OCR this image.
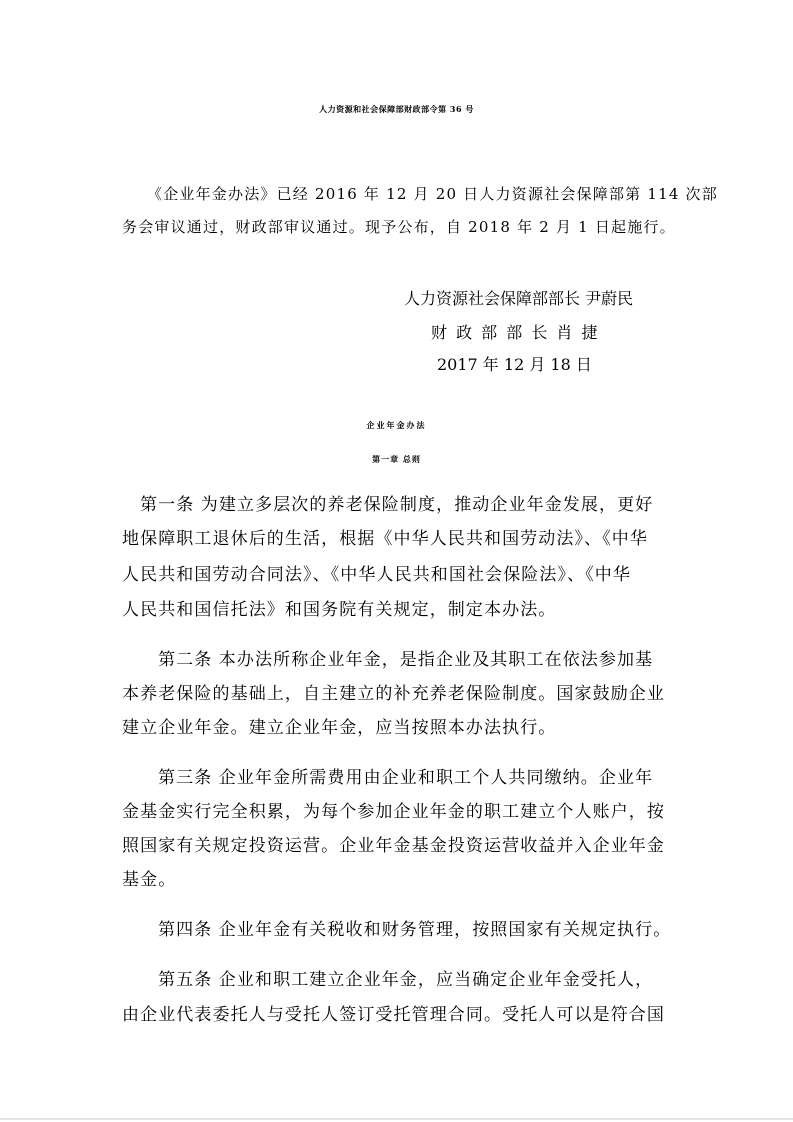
人力资源和社会保障部财政部令第 36 号
《企业年金办法》已经 2016 年 12 月 20 日人力资源社会保障部第 114 次部
务会审议通过，财政部审议通过。现予公布，自 2018 年 2 月 1 日起施行。
人力资源社会保障部部长 尹蔚民
财 政 部 部 长 肖 捷
2017 年 12 月 18 日
企业年金办法
第一章 总则
第一条 为建立多层次的养老保险制度，推动企业年金发展，更好
地保障职工退休后的生活，根据《中华人民共和国劳动法》、《中华
人民共和国劳动合同法》、《中华人民共和国社会保险法》、《中华
人民共和国信托法》和国务院有关规定，制定本办法。
第二条 本办法所称企业年金，是指企业及其职工在依法参加基
本养老保险的基础上，自主建立的补充养老保险制度。国家鼓励企业
建立企业年金。建立企业年金，应当按照本办法执行。
第三条 企业年金所需费用由企业和职工个人共同缴纳。企业年
金基金实行完全积累，为每个参加企业年金的职工建立个人账户，按
照国家有关规定投资运营。企业年金基金投资运营收益并入企业年金
基金。
第四条 企业年金有关税收和财务管理，按照国家有关规定执行。
第五条 企业和职工建立企业年金，应当确定企业年金受托人，
由企业代表委托人与受托人签订受托管理合同。受托人可以是符合国
